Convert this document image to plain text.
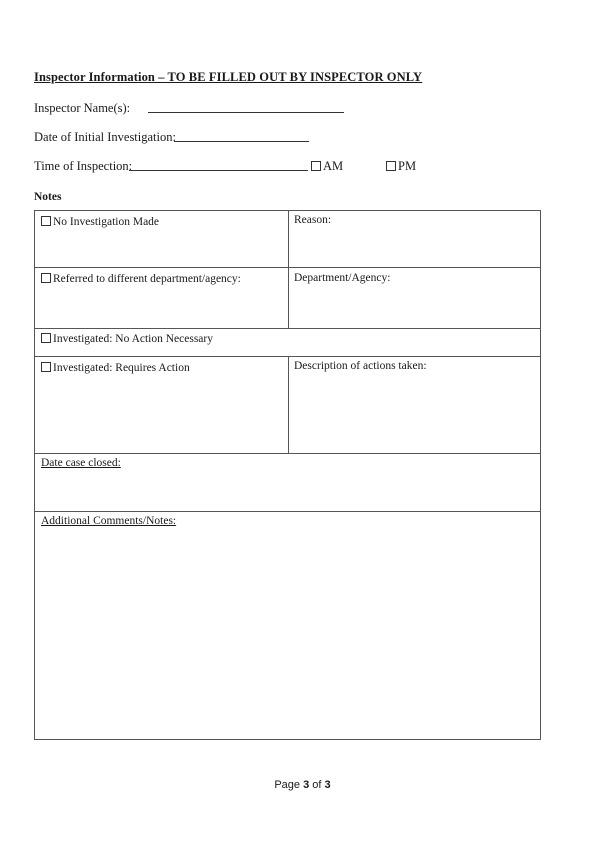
Inspector Information – TO BE FILLED OUT BY INSPECTOR ONLY
Inspector Name(s):
Date of Initial Investigation:
Time of Inspection:	AM	PM
Notes
No Investigation Made	Reason:
Referred to different department/agency:	Department/Agency:
Investigated: No Action Necessary
Investigated: Requires Action	Description of actions taken:
Date case closed:
Additional Comments/Notes:
Page 3 of 3
